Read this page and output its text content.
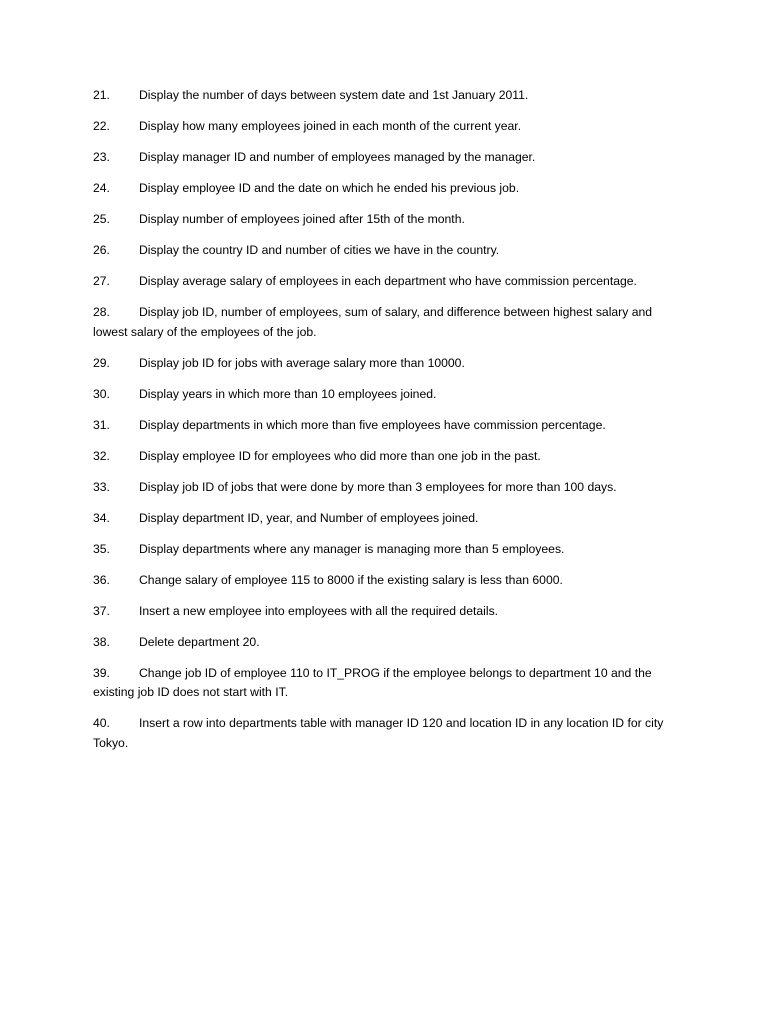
21. Display the number of days between system date and 1st January 2011.
22. Display how many employees joined in each month of the current year.
23. Display manager ID and number of employees managed by the manager.
24. Display employee ID and the date on which he ended his previous job.
25. Display number of employees joined after 15th of the month.
26. Display the country ID and number of cities we have in the country.
27. Display average salary of employees in each department who have commission percentage.
28. Display job ID, number of employees, sum of salary, and difference between highest salary and lowest salary of the employees of the job.
29. Display job ID for jobs with average salary more than 10000.
30. Display years in which more than 10 employees joined.
31. Display departments in which more than five employees have commission percentage.
32. Display employee ID for employees who did more than one job in the past.
33. Display job ID of jobs that were done by more than 3 employees for more than 100 days.
34. Display department ID, year, and Number of employees joined.
35. Display departments where any manager is managing more than 5 employees.
36. Change salary of employee 115 to 8000 if the existing salary is less than 6000.
37. Insert a new employee into employees with all the required details.
38. Delete department 20.
39. Change job ID of employee 110 to IT_PROG if the employee belongs to department 10 and the existing job ID does not start with IT.
40. Insert a row into departments table with manager ID 120 and location ID in any location ID for city Tokyo.
